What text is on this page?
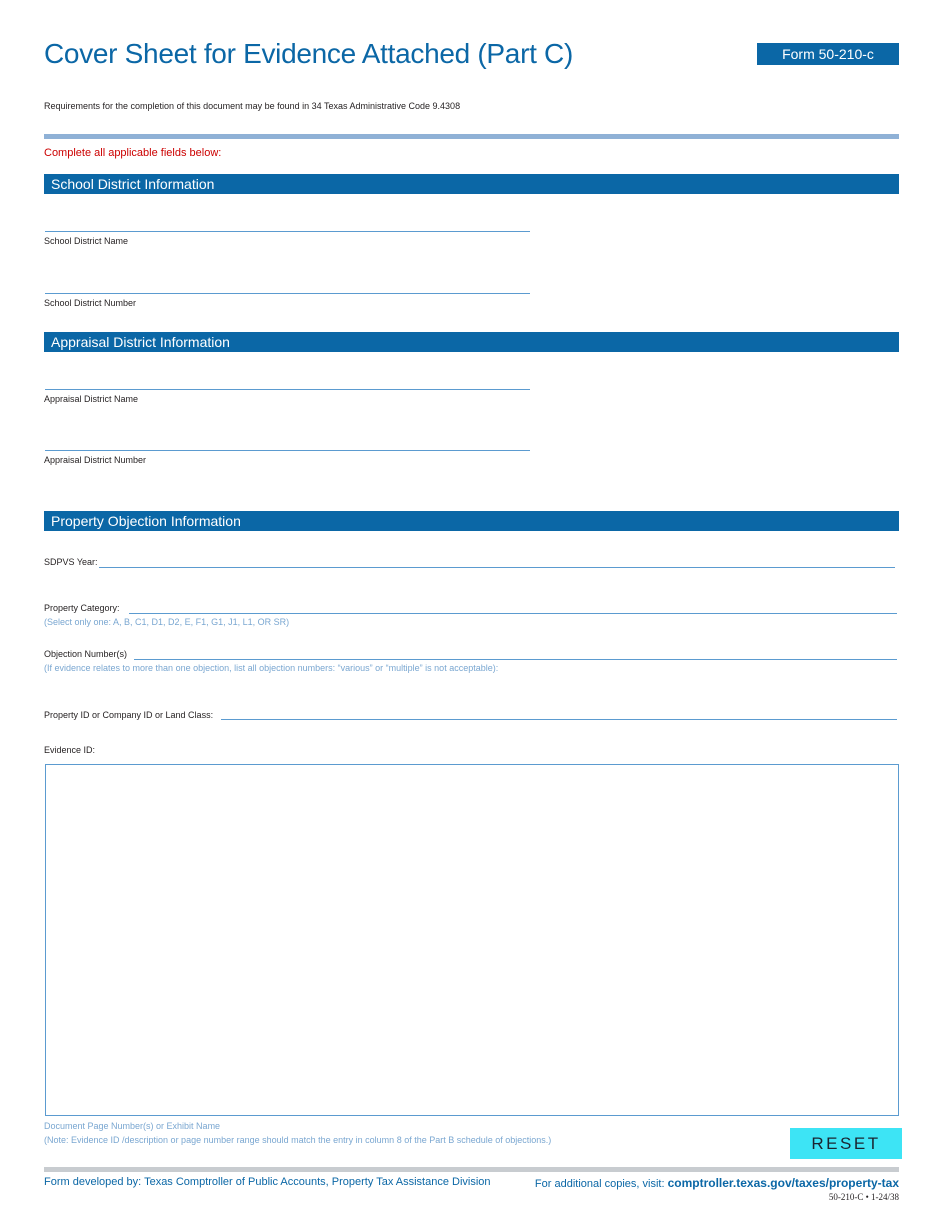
Cover Sheet for Evidence Attached (Part C)	Form 50-210-c
Requirements for the completion of this document may be found in 34 Texas Administrative Code 9.4308
Complete all applicable fields below:
School District Information
School District Name
School District Number
Appraisal District Information
Appraisal District Name
Appraisal District Number
Property Objection Information
SDPVS Year:
Property Category:
(Select only one: A, B, C1, D1, D2, E, F1, G1, J1, L1, OR SR)
Objection Number(s)
(If evidence relates to more than one objection, list all objection numbers: “various” or “multiple” is not acceptable):
Property ID or Company ID or Land Class:
Evidence ID:
Document Page Number(s) or Exhibit Name
(Note: Evidence ID /description or page number range should match the entry in column 8 of the Part B schedule of objections.)	RESET
Form developed by: Texas Comptroller of Public Accounts, Property Tax Assistance Division	For additional copies, visit: comptroller.texas.gov/taxes/property-tax
50-210-C • 1-24/38
